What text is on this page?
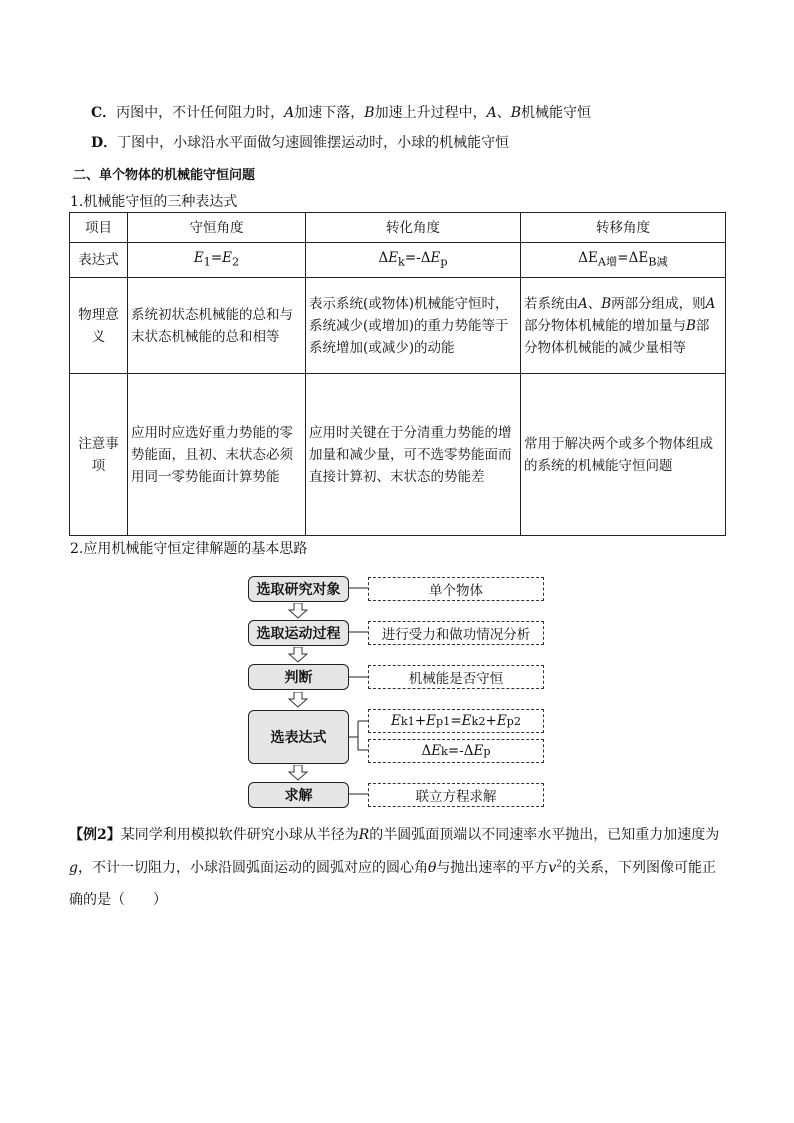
C．丙图中，不计任何阻力时，A加速下落，B加速上升过程中，A、B机械能守恒
D．丁图中，小球沿水平面做匀速圆锥摆运动时，小球的机械能守恒
二、单个物体的机械能守恒问题
1.机械能守恒的三种表达式
项目	守恒角度	转化角度	转移角度
表达式	$E_1=E_2$	$\Delta E_k=-\Delta E_p$	$\Delta E_{A增}=\Delta E_{B减}$
物理意义	系统初状态机械能的总和与末状态机械能的总和相等	表示系统(或物体)机械能守恒时，系统减少(或增加)的重力势能等于系统增加(或减少)的动能	若系统由A、B两部分组成，则A部分物体机械能的增加量与B部分物体机械能的减少量相等
注意事项	应用时应选好重力势能的零势能面，且初、末状态必须用同一零势能面计算势能	应用时关键在于分清重力势能的增加量和减少量，可不选零势能面而直接计算初、末状态的势能差	常用于解决两个或多个物体组成的系统的机械能守恒问题
2.应用机械能守恒定律解题的基本思路
选取研究对象
选取运动过程
判断
选表达式
求解
单个物体
进行受力和做功情况分析
机械能是否守恒
E k1 + E p1 = E k2 + E p2
Δ E k =-Δ E p
联立方程求解
【例2】某同学利用模拟软件研究小球从半径为R的半圆弧面顶端以不同速率水平抛出，已知重力加速度为
g，不计一切阻力，小球沿圆弧面运动的圆弧对应的圆心角θ与抛出速率的平方$v^2$的关系，下列图像可能正
确的是（　　）
